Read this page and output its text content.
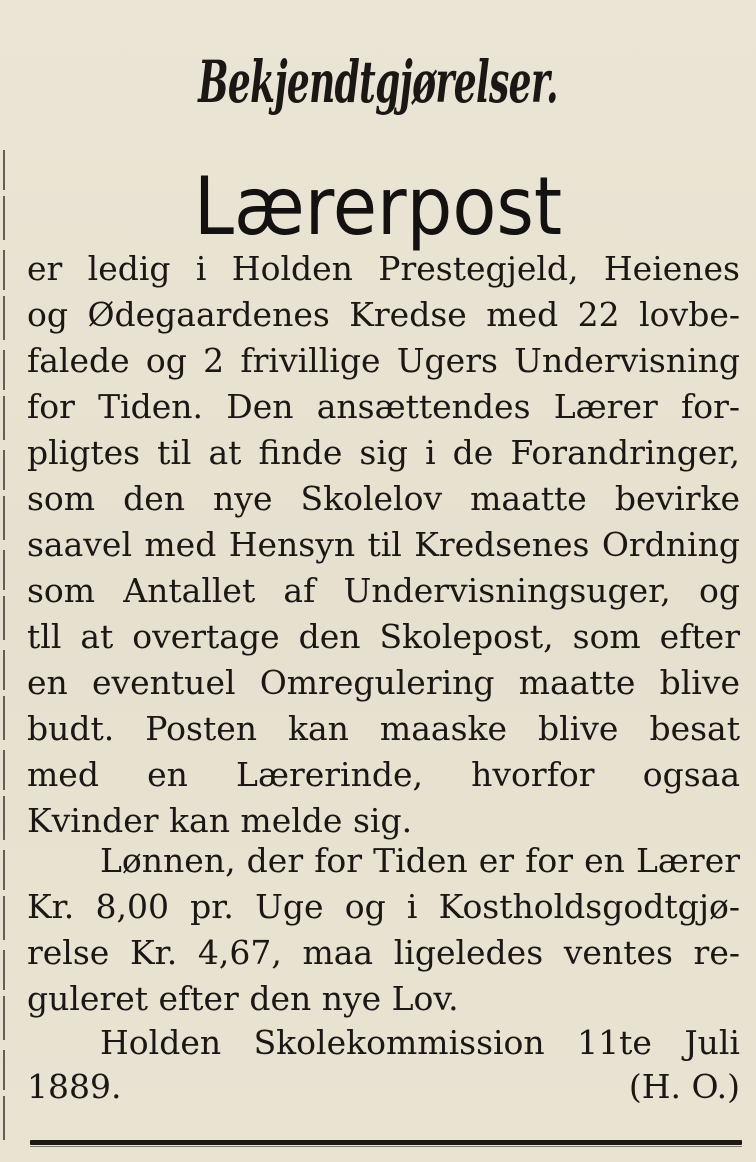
Bekjendtgjørelser.
Lærerpost
er ledig i Holden Prestegjeld, Heienes
og Ødegaardenes Kredse med 22 lovbe-
falede og 2 frivillige Ugers Undervisning
for Tiden. Den ansættendes Lærer for-
pligtes til at finde sig i de Forandringer,
som den nye Skolelov maatte bevirke
saavel med Hensyn til Kredsenes Ordning
som Antallet af Undervisningsuger, og
tll at overtage den Skolepost, som efter
en eventuel Omregulering maatte blive
budt. Posten kan maaske blive besat
med en Lærerinde, hvorfor ogsaa
Kvinder kan melde sig.
Lønnen, der for Tiden er for en Lærer
Kr. 8,00 pr. Uge og i Kostholdsgodtgjø-
relse Kr. 4,67, maa ligeledes ventes re-
guleret efter den nye Lov.
Holden Skolekommission 11te Juli
1889.	(H. O.)
